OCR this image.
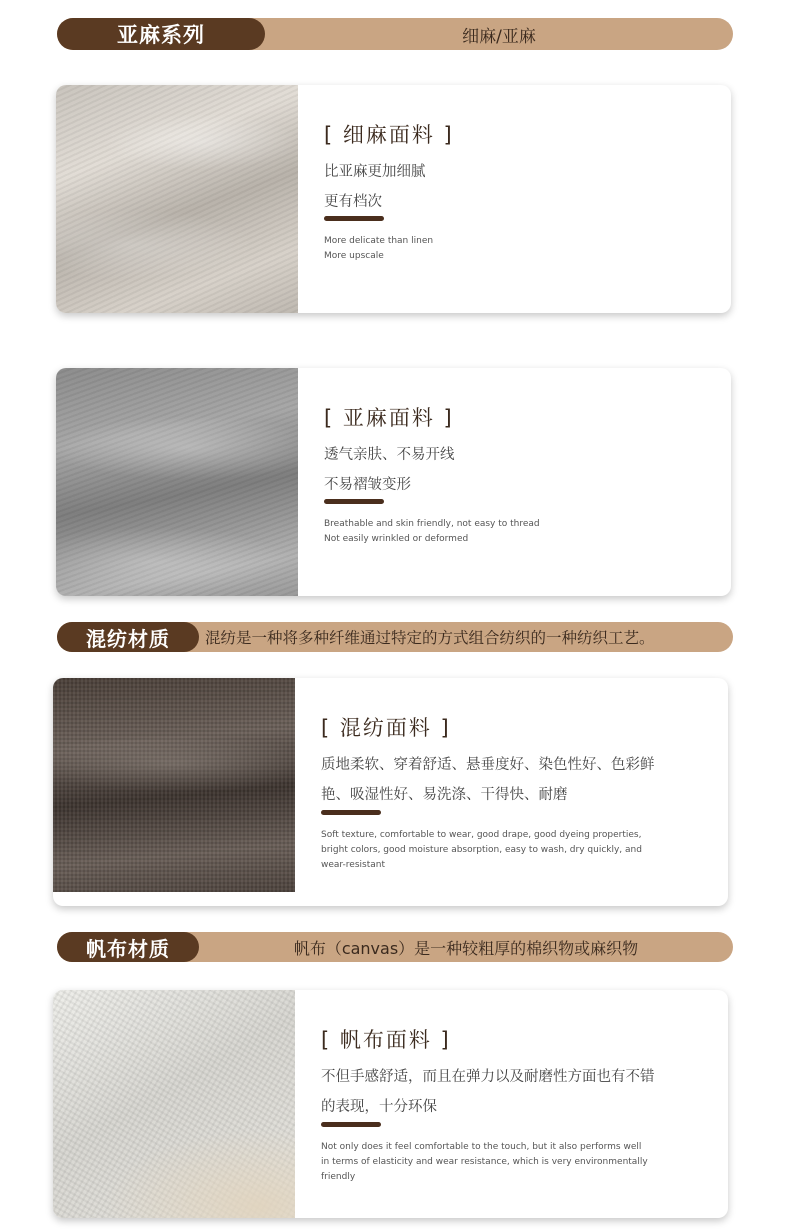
亚麻系列	细麻/亚麻
[ 细麻面料 ]
比亚麻更加细腻
更有档次
More delicate than linen
More upscale
[ 亚麻面料 ]
透气亲肤、不易开线
不易褶皱变形
Breathable and skin friendly, not easy to thread
Not easily wrinkled or deformed
混纺材质	混纺是一种将多种纤维通过特定的方式组合纺织的一种纺织工艺。
[ 混纺面料 ]
质地柔软、穿着舒适、悬垂度好、染色性好、色彩鲜
艳、吸湿性好、易洗涤、干得快、耐磨
Soft texture, comfortable to wear, good drape, good dyeing properties,
bright colors, good moisture absorption, easy to wash, dry quickly, and
wear-resistant
帆布材质	帆布（canvas）是一种较粗厚的棉织物或麻织物
[ 帆布面料 ]
不但手感舒适，而且在弹力以及耐磨性方面也有不错
的表现，十分环保
Not only does it feel comfortable to the touch, but it also performs well
in terms of elasticity and wear resistance, which is very environmentally
friendly
